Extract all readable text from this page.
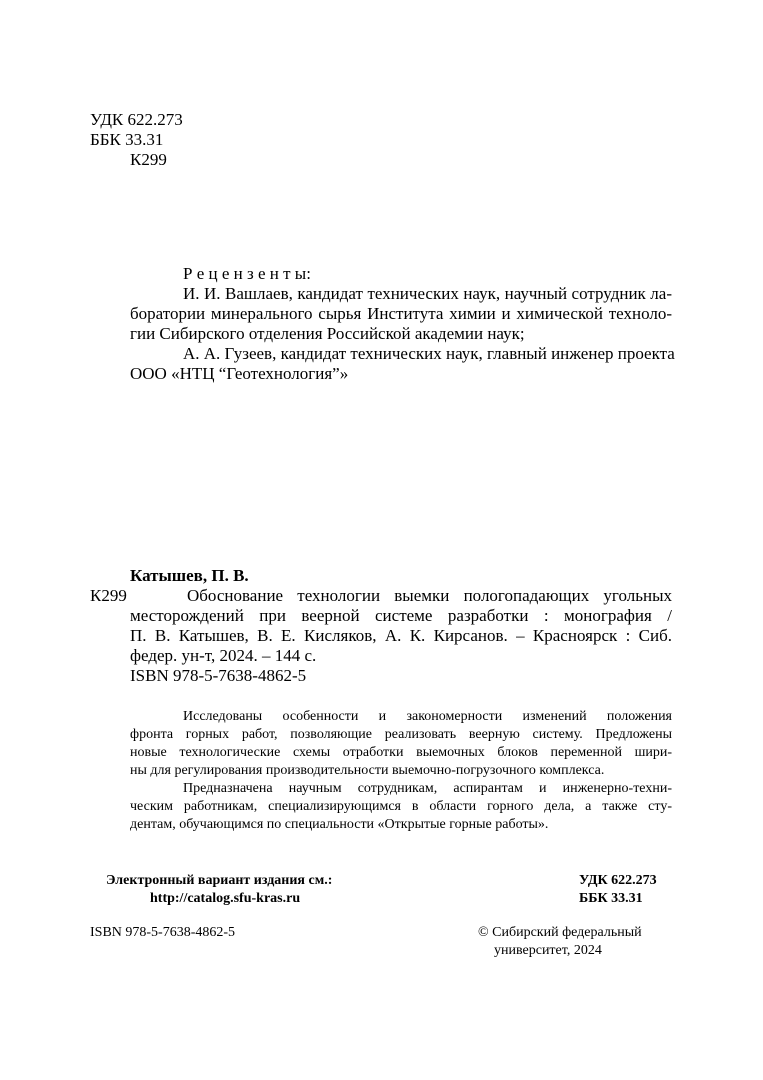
УДК 622.273
ББК 33.31
К299
Р е ц е н з е н т ы:
И. И. Вашлаев, кандидат технических наук, научный сотрудник ла-
боратории минерального сырья Института химии и химической техноло-
гии Сибирского отделения Российской академии наук;
А. А. Гузеев, кандидат технических наук, главный инженер проекта
ООО «НТЦ “Геотехнология”»
Катышев, П. В.
К299	Обоснование технологии выемки пологопадающих угольных
месторождений при веерной системе разработки : монография /
П. В. Катышев, В. Е. Кисляков, А. К. Кирсанов. – Красноярск : Сиб.
федер. ун-т, 2024. – 144 с.
ISBN 978-5-7638-4862-5
Исследованы особенности и закономерности изменений положения
фронта горных работ, позволяющие реализовать веерную систему. Предложены
новые технологические схемы отработки выемочных блоков переменной шири-
ны для регулирования производительности выемочно-погрузочного комплекса.
Предназначена научным сотрудникам, аспирантам и инженерно-техни-
ческим работникам, специализирующимся в области горного дела, а также сту-
дентам, обучающимся по специальности «Открытые горные работы».
Электронный вариант издания см.:
http://catalog.sfu-kras.ru
УДК 622.273
ББК 33.31
ISBN 978-5-7638-4862-5	© Сибирский федеральный
университет, 2024
